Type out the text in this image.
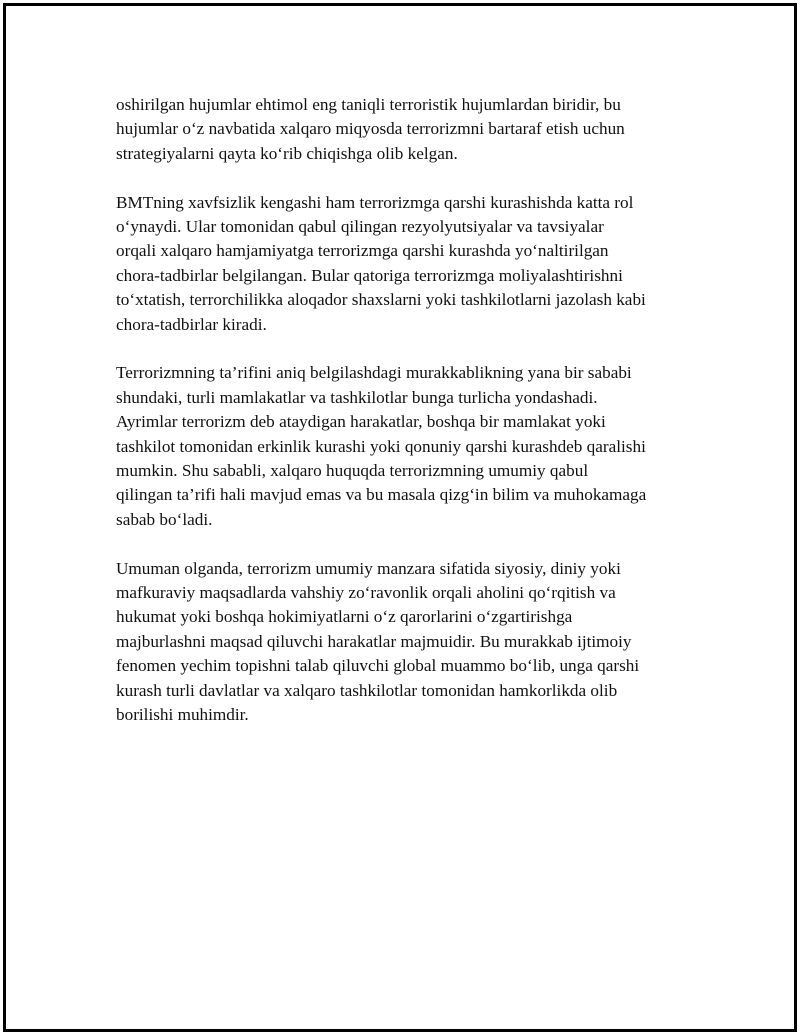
oshirilgan hujumlar ehtimol eng taniqli terroristik hujumlardan biridir, bu
hujumlar o‘z navbatida xalqaro miqyosda terrorizmni bartaraf etish uchun
strategiyalarni qayta ko‘rib chiqishga olib kelgan.

BMTning xavfsizlik kengashi ham terrorizmga qarshi kurashishda katta rol
o‘ynaydi. Ular tomonidan qabul qilingan rezyolyutsiyalar va tavsiyalar
orqali xalqaro hamjamiyatga terrorizmga qarshi kurashda yo‘naltirilgan
chora-tadbirlar belgilangan. Bular qatoriga terrorizmga moliyalashtirishni
to‘xtatish, terrorchilikka aloqador shaxslarni yoki tashkilotlarni jazolash kabi
chora-tadbirlar kiradi.

Terrorizmning ta’rifini aniq belgilashdagi murakkablikning yana bir sababi
shundaki, turli mamlakatlar va tashkilotlar bunga turlicha yondashadi.
Ayrimlar terrorizm deb ataydigan harakatlar, boshqa bir mamlakat yoki
tashkilot tomonidan erkinlik kurashi yoki qonuniy qarshi kurashdeb qaralishi
mumkin. Shu sababli, xalqaro huquqda terrorizmning umumiy qabul
qilingan ta’rifi hali mavjud emas va bu masala qizg‘in bilim va muhokamaga
sabab bo‘ladi.

Umuman olganda, terrorizm umumiy manzara sifatida siyosiy, diniy yoki
mafkuraviy maqsadlarda vahshiy zo‘ravonlik orqali aholini qo‘rqitish va
hukumat yoki boshqa hokimiyatlarni o‘z qarorlarini o‘zgartirishga
majburlashni maqsad qiluvchi harakatlar majmuidir. Bu murakkab ijtimoiy
fenomen yechim topishni talab qiluvchi global muammo bo‘lib, unga qarshi
kurash turli davlatlar va xalqaro tashkilotlar tomonidan hamkorlikda olib
borilishi muhimdir.
